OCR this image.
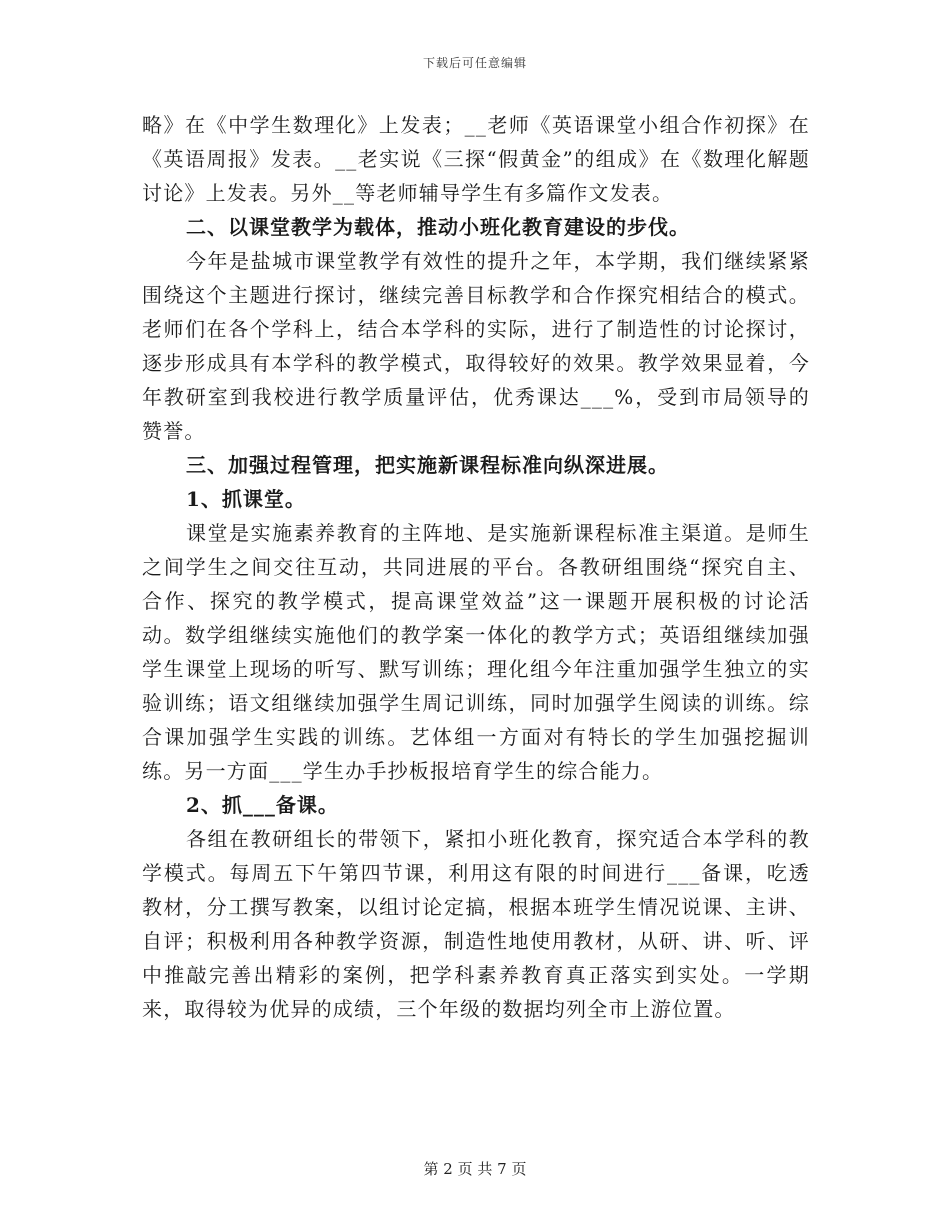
下载后可任意编辑

略》在《中学生数理化》上发表；__老师《英语课堂小组合作初探》在《英语周报》发表。__老实说《三探“假黄金”的组成》在《数理化解题讨论》上发表。另外__等老师辅导学生有多篇作文发表。

二、以课堂教学为载体，推动小班化教育建设的步伐。

今年是盐城市课堂教学有效性的提升之年，本学期，我们继续紧紧围绕这个主题进行探讨，继续完善目标教学和合作探究相结合的模式。老师们在各个学科上，结合本学科的实际，进行了制造性的讨论探讨，逐步形成具有本学科的教学模式，取得较好的效果。教学效果显着，今年教研室到我校进行教学质量评估，优秀课达___%，受到市局领导的赞誉。

三、加强过程管理，把实施新课程标准向纵深进展。

1、抓课堂。

课堂是实施素养教育的主阵地、是实施新课程标准主渠道。是师生之间学生之间交往互动，共同进展的平台。各教研组围绕“探究自主、合作、探究的教学模式，提高课堂效益”这一课题开展积极的讨论活动。数学组继续实施他们的教学案一体化的教学方式；英语组继续加强学生课堂上现场的听写、默写训练；理化组今年注重加强学生独立的实验训练；语文组继续加强学生周记训练，同时加强学生阅读的训练。综合课加强学生实践的训练。艺体组一方面对有特长的学生加强挖掘训练。另一方面___学生办手抄板报培育学生的综合能力。

2、抓___备课。

各组在教研组长的带领下，紧扣小班化教育，探究适合本学科的教学模式。每周五下午第四节课，利用这有限的时间进行___备课，吃透教材，分工撰写教案，以组讨论定搞，根据本班学生情况说课、主讲、自评；积极利用各种教学资源，制造性地使用教材，从研、讲、听、评中推敲完善出精彩的案例，把学科素养教育真正落实到实处。一学期来，取得较为优异的成绩，三个年级的数据均列全市上游位置。

第 2 页 共 7 页
